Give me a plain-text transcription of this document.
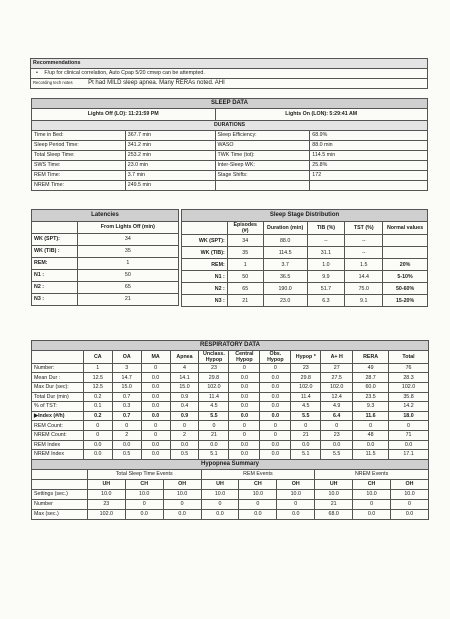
Recommendations
• F/up for clinical correlation, Auto Cpap 5/20 cmwp can be attempted.
Recording tech notes	Pt had MILD sleep apnea. Many RERAs noted. AHI
SLEEP DATA			
Lights Off (LO): 11:21:59 PM		Lights On (LON): 5:29:41 AM	
DURATIONS			
Time in Bed:	367.7 min	Sleep Efficiency:	68.9%
Sleep Period Time:	341.2 min	WASO	88.0 min
Total Sleep Time:	253.2 min	TWK Time (tot):	114.5 min
SWS Time:	23.0 min	Inter-Sleep WK:	25.8%
REM Time:	3.7 min	Stage Shifts:	172
NREM Time:	249.5 min		
Latencies	
	From Lights Off (min)
WK (SPT):	34
WK (TIB) :	35
REM:	1
N1 :	50
N2 :	65
N3 :	21
Sleep Stage Distribution					
	Episodes (#)	Duration (min)	TIB (%)	TST (%)	Normal values
WK (SPT):	34	88.0	--	--	
WK (TIB):	35	114.5	31.1	--	
REM:	1	3.7	1.0	1.5	20%
N1 :	50	36.5	9.9	14.4	5-10%
N2 :	65	190.0	51.7	75.0	50-60%
N3 :	21	23.0	6.3	9.1	15-20%
RESPIRATORY DATA											
	CA	OA	MA	Apnea	Unclass. Hypop	Central Hypop	Obs. Hypop	Hypop *	A+ H	RERA	Total
Number:	1	3	0	4	23	0	0	23	27	49	76
Mean Dur :	12.5	14.7	0.0	14.1	29.8	0.0	0.0	29.8	27.5	28.7	28.3
Max Dur (sec):	12.5	15.0	0.0	15.0	102.0	0.0	0.0	102.0	102.0	60.0	102.0
Total Dur (min)	0.2	0.7	0.0	0.9	11.4	0.0	0.0	11.4	12.4	23.5	35.8
% of TST:	0.1	0.3	0.0	0.4	4.5	0.0	0.0	4.5	4.9	9.3	14.2
▶Index (#/h)	0.2	0.7	0.0	0.9	5.5	0.0	0.0	5.5	6.4	11.6	18.0
REM Count:	0	0	0	0	0	0	0	0	0	0	0
NREM Count:	0	2	0	2	21	0	0	21	23	48	71
REM Index	0.0	0.0	0.0	0.0	0.0	0.0	0.0	0.0	0.0	0.0	0.0
NREM Index	0.0	0.5	0.0	0.5	5.1	0.0	0.0	5.1	5.5	11.5	17.1
Hypopnea Summary									
	Total Sleep Time Events			REM Events			NREM Events		
	UH	CH	OH	UH	CH	OH	UH	CH	OH
Settings (sec.)	10.0	10.0	10.0	10.0	10.0	10.0	10.0	10.0	10.0
Number	23	0	0	0	0	0	21	0	0
Max (sec.)	102.0	0.0	0.0	0.0	0.0	0.0	68.0	0.0	0.0
